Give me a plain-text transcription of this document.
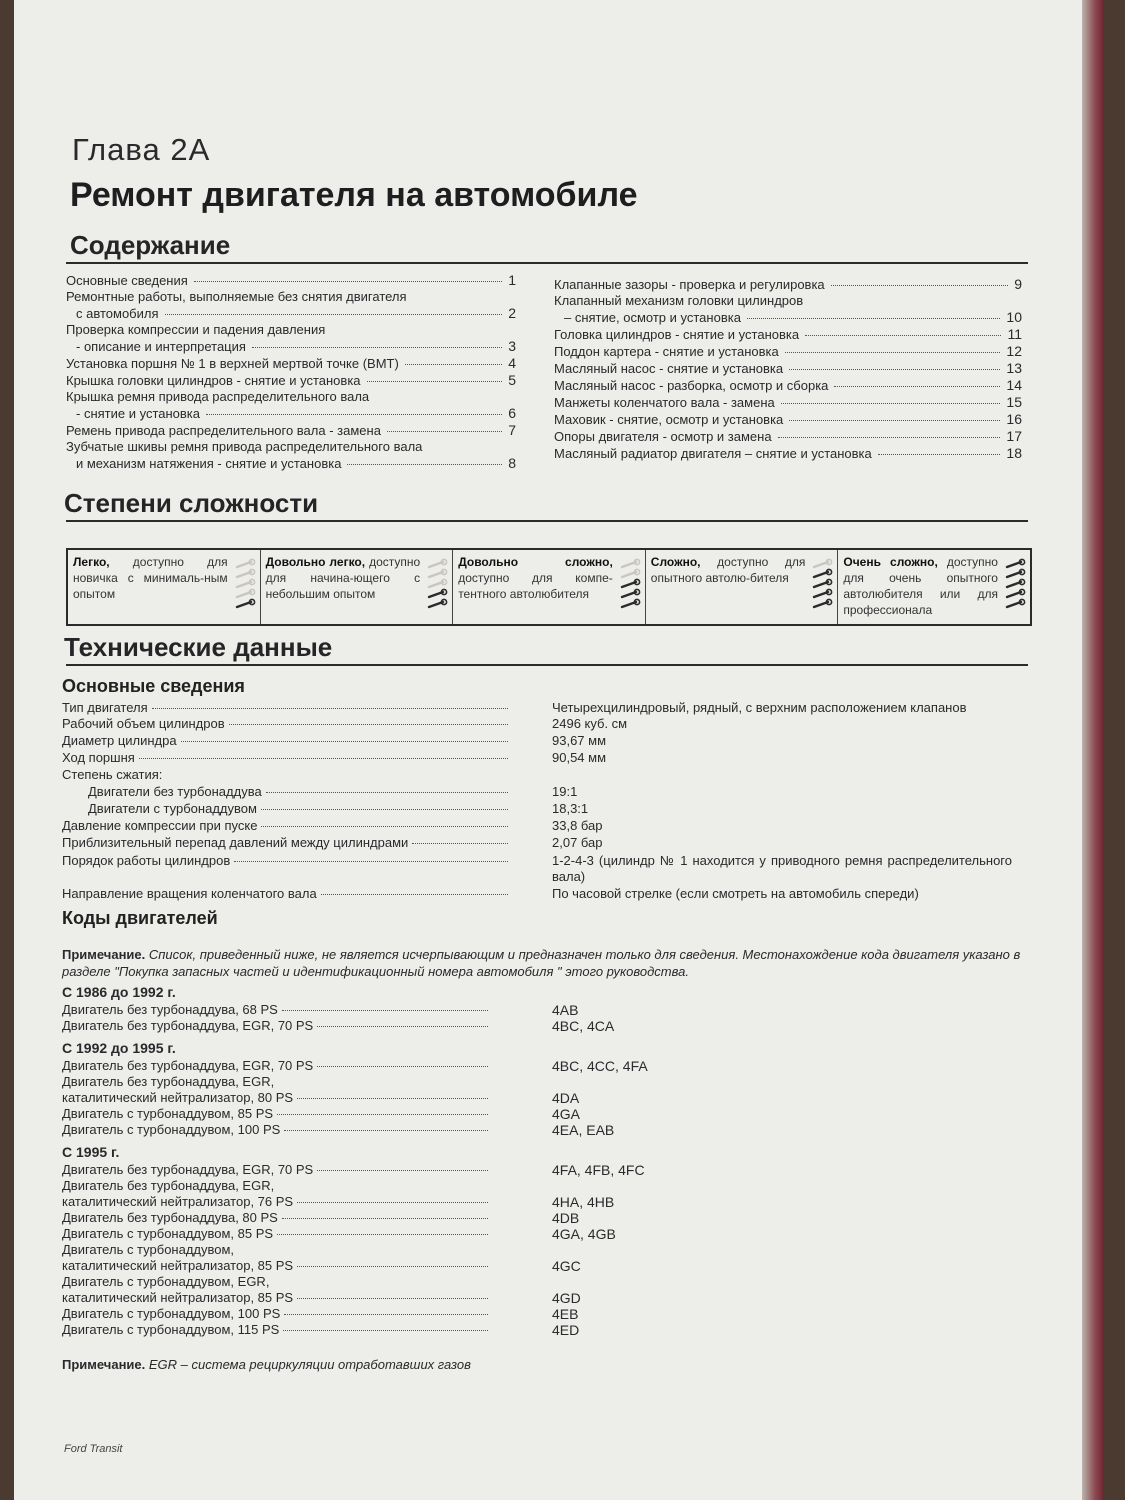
Глава 2А
Ремонт двигателя на автомобиле
Содержание
Основные сведения	1
Ремонтные работы, выполняемые без снятия двигателя
с автомобиля	2
Проверка компрессии и падения давления
- описание и интерпретация	3
Установка поршня № 1 в верхней мертвой точке (ВМТ)	4
Крышка головки цилиндров - снятие и установка	5
Крышка ремня привода распределительного вала
- снятие и установка	6
Ремень привода распределительного вала - замена	7
Зубчатые шкивы ремня привода распределительного вала
и механизм натяжения - снятие и установка	8
Клапанные зазоры - проверка и регулировка	9
Клапанный механизм головки цилиндров
– снятие, осмотр и установка	10
Головка цилиндров - снятие и установка	11
Поддон картера - снятие и установка	12
Масляный насос - снятие и установка	13
Масляный насос - разборка, осмотр и сборка	14
Манжеты коленчатого вала - замена	15
Маховик - снятие, осмотр и установка	16
Опоры двигателя - осмотр и замена	17
Масляный радиатор двигателя – снятие и установка	18
Степени сложности
Легко, доступно для новичка с минималь-ным опытом
Довольно легко, доступно для начина-ющего с небольшим опытом
Довольно сложно, доступно для компе-тентного автолюбителя
Сложно, доступно для опытного автолю-бителя
Очень сложно, доступно для очень опытного автолюбителя или для профессионала
Технические данные
Основные сведения
Тип двигателя	Четырехцилиндровый, рядный, с верхним расположением клапанов
Рабочий объем цилиндров	2496 куб. см
Диаметр цилиндра	93,67 мм
Ход поршня	90,54 мм
Степень сжатия:
Двигатели без турбонаддува	19:1
Двигатели с турбонаддувом	18,3:1
Давление компрессии при пуске	33,8 бар
Приблизительный перепад давлений между цилиндрами	2,07 бар
Порядок работы цилиндров	1-2-4-3 (цилиндр № 1 находится у приводного ремня распределительного вала)
Направление вращения коленчатого вала	По часовой стрелке (если смотреть на автомобиль спереди)
Коды двигателей
Примечание. Список, приведенный ниже, не является исчерпывающим и предназначен только для сведения. Местонахождение кода двигателя указано в разделе "Покупка запасных частей и идентификационный номера автомобиля " этого руководства.
С 1986 до 1992 г.
Двигатель без турбонаддува, 68 PS	4AB
Двигатель без турбонаддува, EGR, 70 PS	4BC, 4CA
С 1992 до 1995 г.
Двигатель без турбонаддува, EGR, 70 PS	4BC, 4CC, 4FA
Двигатель без турбонаддува, EGR,
каталитический нейтрализатор, 80 PS	4DA
Двигатель с турбонаддувом, 85 PS	4GA
Двигатель с турбонаддувом, 100 PS	4EA, EAB
С 1995 г.
Двигатель без турбонаддува, EGR, 70 PS	4FA, 4FB, 4FC
Двигатель без турбонаддува, EGR,
каталитический нейтрализатор, 76 PS	4HA, 4HB
Двигатель без турбонаддува, 80 PS	4DB
Двигатель с турбонаддувом, 85 PS	4GA, 4GB
Двигатель с турбонаддувом,
каталитический нейтрализатор, 85 PS	4GC
Двигатель с турбонаддувом, EGR,
каталитический нейтрализатор, 85 PS	4GD
Двигатель с турбонаддувом, 100 PS	4EB
Двигатель с турбонаддувом, 115 PS	4ED
Примечание. EGR – система рециркуляции отработавших газов
Ford Transit
